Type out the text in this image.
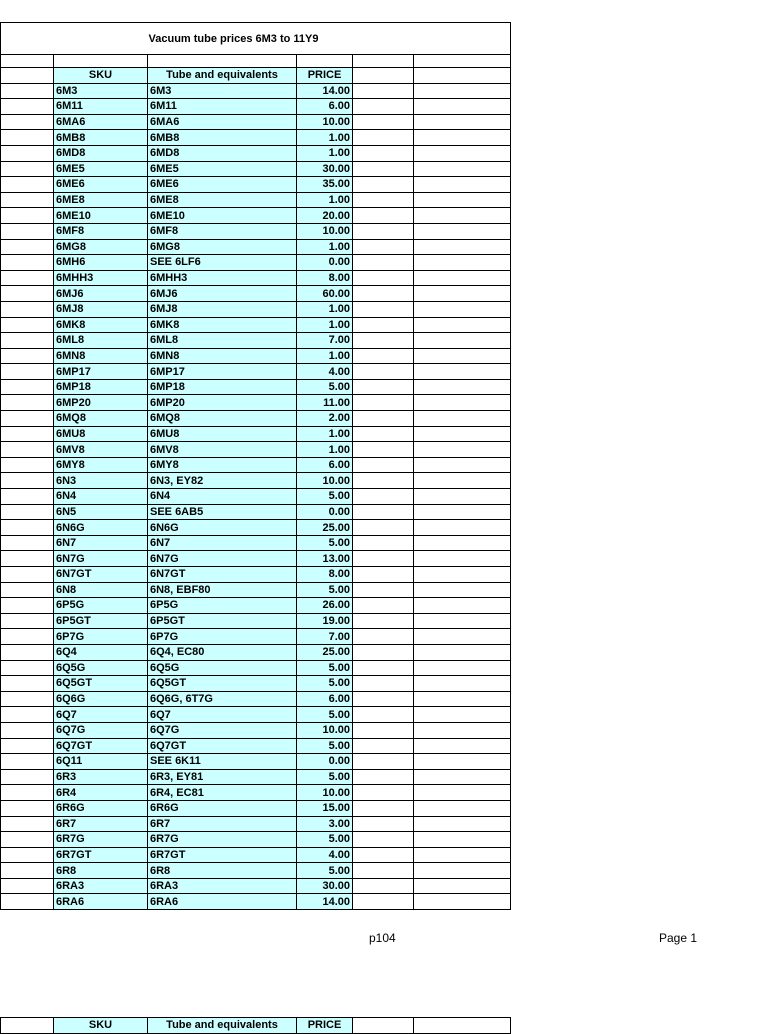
	Vacuum tube prices 6M3 to 11Y9				

	SKU	Tube and equivalents	PRICE		
	6M3	6M3	14.00		
	6M11	6M11	6.00		
	6MA6	6MA6	10.00		
	6MB8	6MB8	1.00		
	6MD8	6MD8	1.00		
	6ME5	6ME5	30.00		
	6ME6	6ME6	35.00		
	6ME8	6ME8	1.00		
	6ME10	6ME10	20.00		
	6MF8	6MF8	10.00		
	6MG8	6MG8	1.00		
	6MH6	SEE 6LF6	0.00		
	6MHH3	6MHH3	8.00		
	6MJ6	6MJ6	60.00		
	6MJ8	6MJ8	1.00		
	6MK8	6MK8	1.00		
	6ML8	6ML8	7.00		
	6MN8	6MN8	1.00		
	6MP17	6MP17	4.00		
	6MP18	6MP18	5.00		
	6MP20	6MP20	11.00		
	6MQ8	6MQ8	2.00		
	6MU8	6MU8	1.00		
	6MV8	6MV8	1.00		
	6MY8	6MY8	6.00		
	6N3	6N3, EY82	10.00		
	6N4	6N4	5.00		
	6N5	SEE 6AB5	0.00		
	6N6G	6N6G	25.00		
	6N7	6N7	5.00		
	6N7G	6N7G	13.00		
	6N7GT	6N7GT	8.00		
	6N8	6N8, EBF80	5.00		
	6P5G	6P5G	26.00		
	6P5GT	6P5GT	19.00		
	6P7G	6P7G	7.00		
	6Q4	6Q4, EC80	25.00		
	6Q5G	6Q5G	5.00		
	6Q5GT	6Q5GT	5.00		
	6Q6G	6Q6G, 6T7G	6.00		
	6Q7	6Q7	5.00		
	6Q7G	6Q7G	10.00		
	6Q7GT	6Q7GT	5.00		
	6Q11	SEE 6K11	0.00		
	6R3	6R3, EY81	5.00		
	6R4	6R4, EC81	10.00		
	6R6G	6R6G	15.00		
	6R7	6R7	3.00		
	6R7G	6R7G	5.00		
	6R7GT	6R7GT	4.00		
	6R8	6R8	5.00		
	6RA3	6RA3	30.00		
	6RA6	6RA6	14.00		
p104	Page 1
	SKU	Tube and equivalents	PRICE		
